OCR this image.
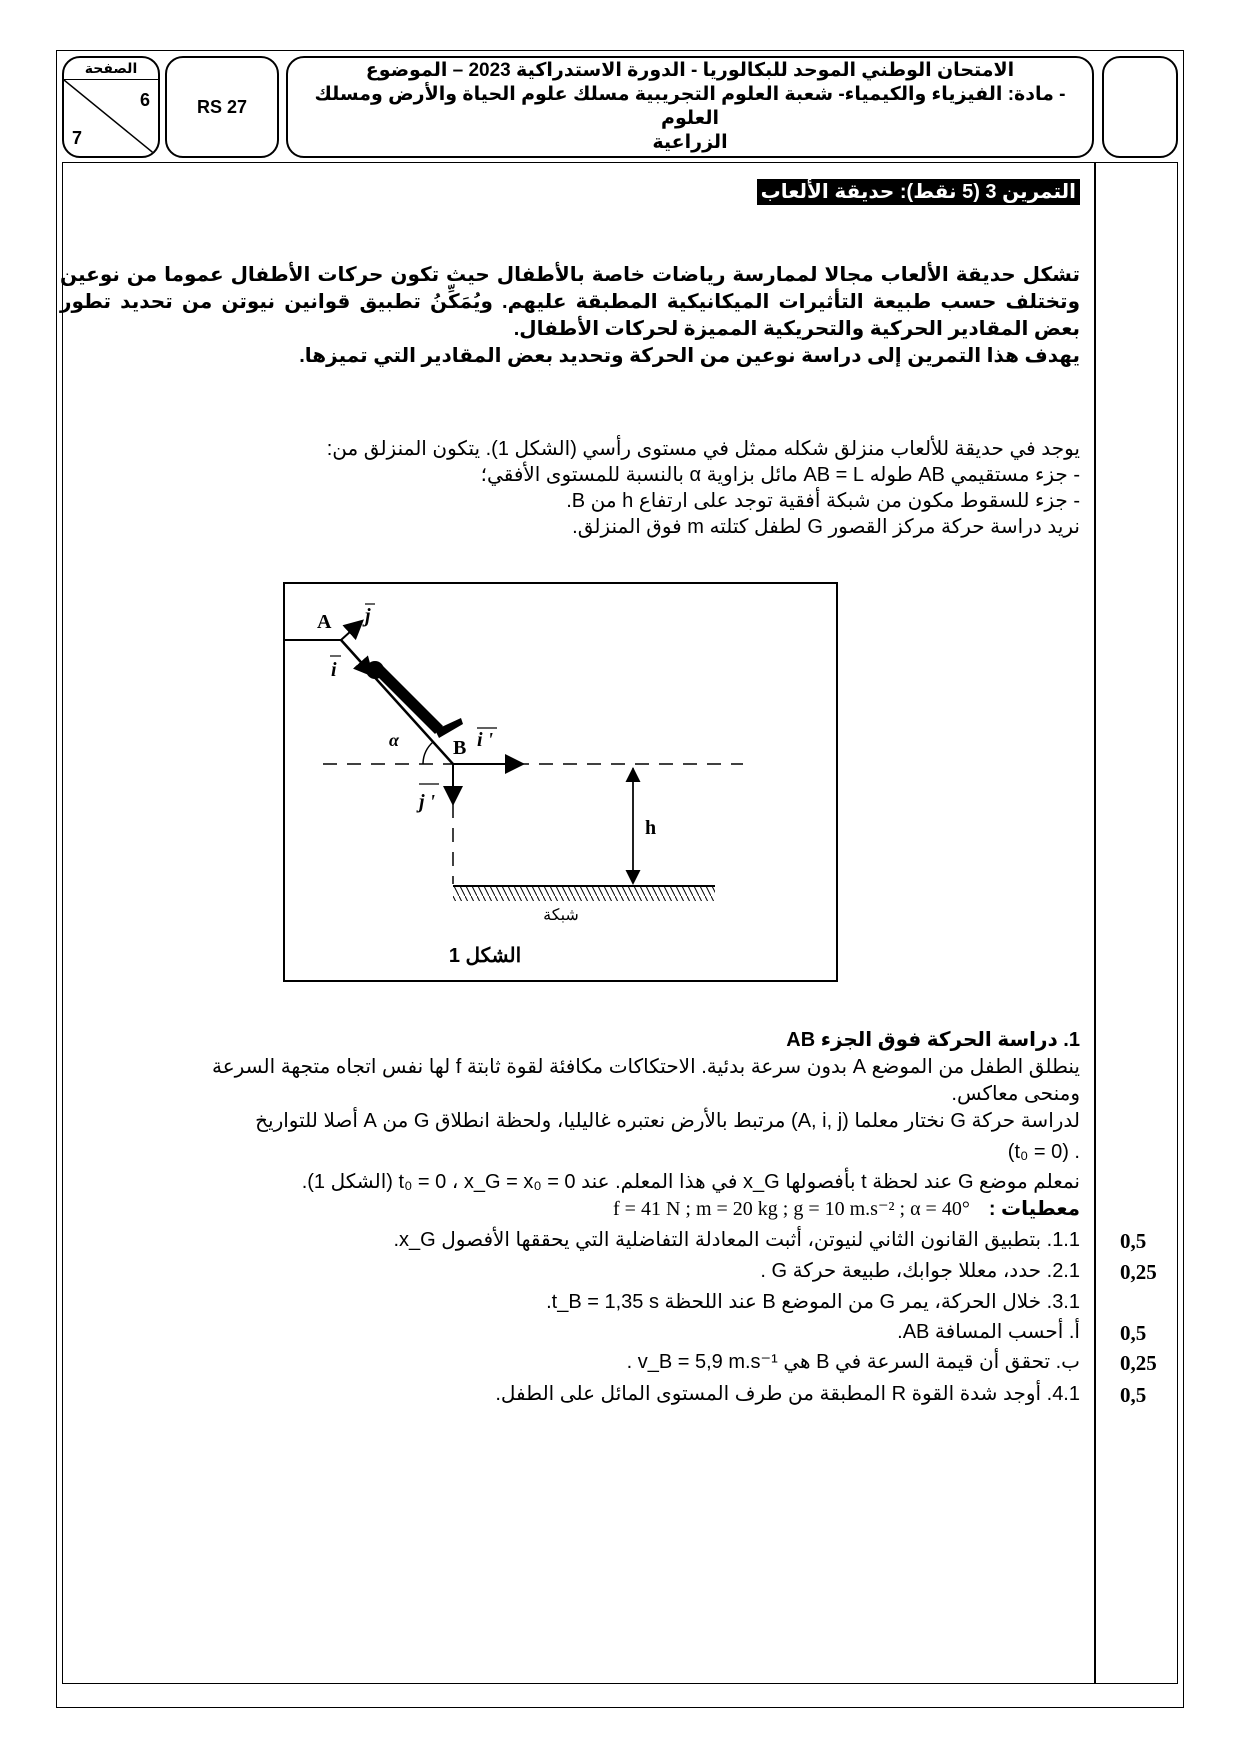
الامتحان الوطني الموحد للبكالوريا - الدورة الاستدراكية 2023 – الموضوع
- مادة: الفيزياء والكيمياء- شعبة العلوم التجريبية مسلك علوم الحياة والأرض ومسلك العلوم
الزراعية
RS 27
الصفحة
6
7
التمرين 3 (5 نقط): حديقة الألعاب

تشكل حديقة الألعاب مجالا لممارسة رياضات خاصة بالأطفال حيث تكون حركات الأطفال عموما من نوعين وتختلف حسب طبيعة التأثيرات الميكانيكية المطبقة عليهم. ويُمَكِّنُ تطبيق قوانين نيوتن من تحديد تطور بعض المقادير الحركية والتحريكية المميزة لحركات الأطفال.

يهدف هذا التمرين إلى دراسة نوعين من الحركة وتحديد بعض المقادير التي تميزها.

يوجد في حديقة للألعاب منزلق شكله ممثل في مستوى رأسي (الشكل 1). يتكون المنزلق من:
- جزء مستقيمي AB طوله AB = L مائل بزاوية α بالنسبة للمستوى الأفقي؛
- جزء للسقوط مكون من شبكة أفقية توجد على ارتفاع h من B.
نريد دراسة حركة مركز القصور G لطفل كتلته m فوق المنزلق.
A j
i
α	B i '
j '
h
شبكة
الشكل 1
1. دراسة الحركة فوق الجزء AB
ينطلق الطفل من الموضع A بدون سرعة بدئية. الاحتكاكات مكافئة لقوة ثابتة f لها نفس اتجاه متجهة السرعة
ومنحى معاكس.
لدراسة حركة G نختار معلما (A, i, j) مرتبط بالأرض نعتبره غاليليا، ولحظة انطلاق G من A أصلا للتواريخ
. (t₀ = 0)
نمعلم موضع G عند لحظة t بأفصولها x_G في هذا المعلم. عند t₀ = 0 ، x_G = x₀ = 0 (الشكل 1).
معطيات : f = 41 N ; m = 20 kg ; g = 10 m.s⁻² ; α = 40°
1.1. بتطبيق القانون الثاني لنيوتن، أثبت المعادلة التفاضلية التي يحققها الأفصول x_G.
2.1. حدد، معللا جوابك، طبيعة حركة G .
3.1. خلال الحركة، يمر G من الموضع B عند اللحظة t_B = 1,35 s.
أ. أحسب المسافة AB.
ب. تحقق أن قيمة السرعة في B هي v_B = 5,9 m.s⁻¹ .
4.1. أوجد شدة القوة R المطبقة من طرف المستوى المائل على الطفل.
0,5
0,25
0,5
0,25
0,5
